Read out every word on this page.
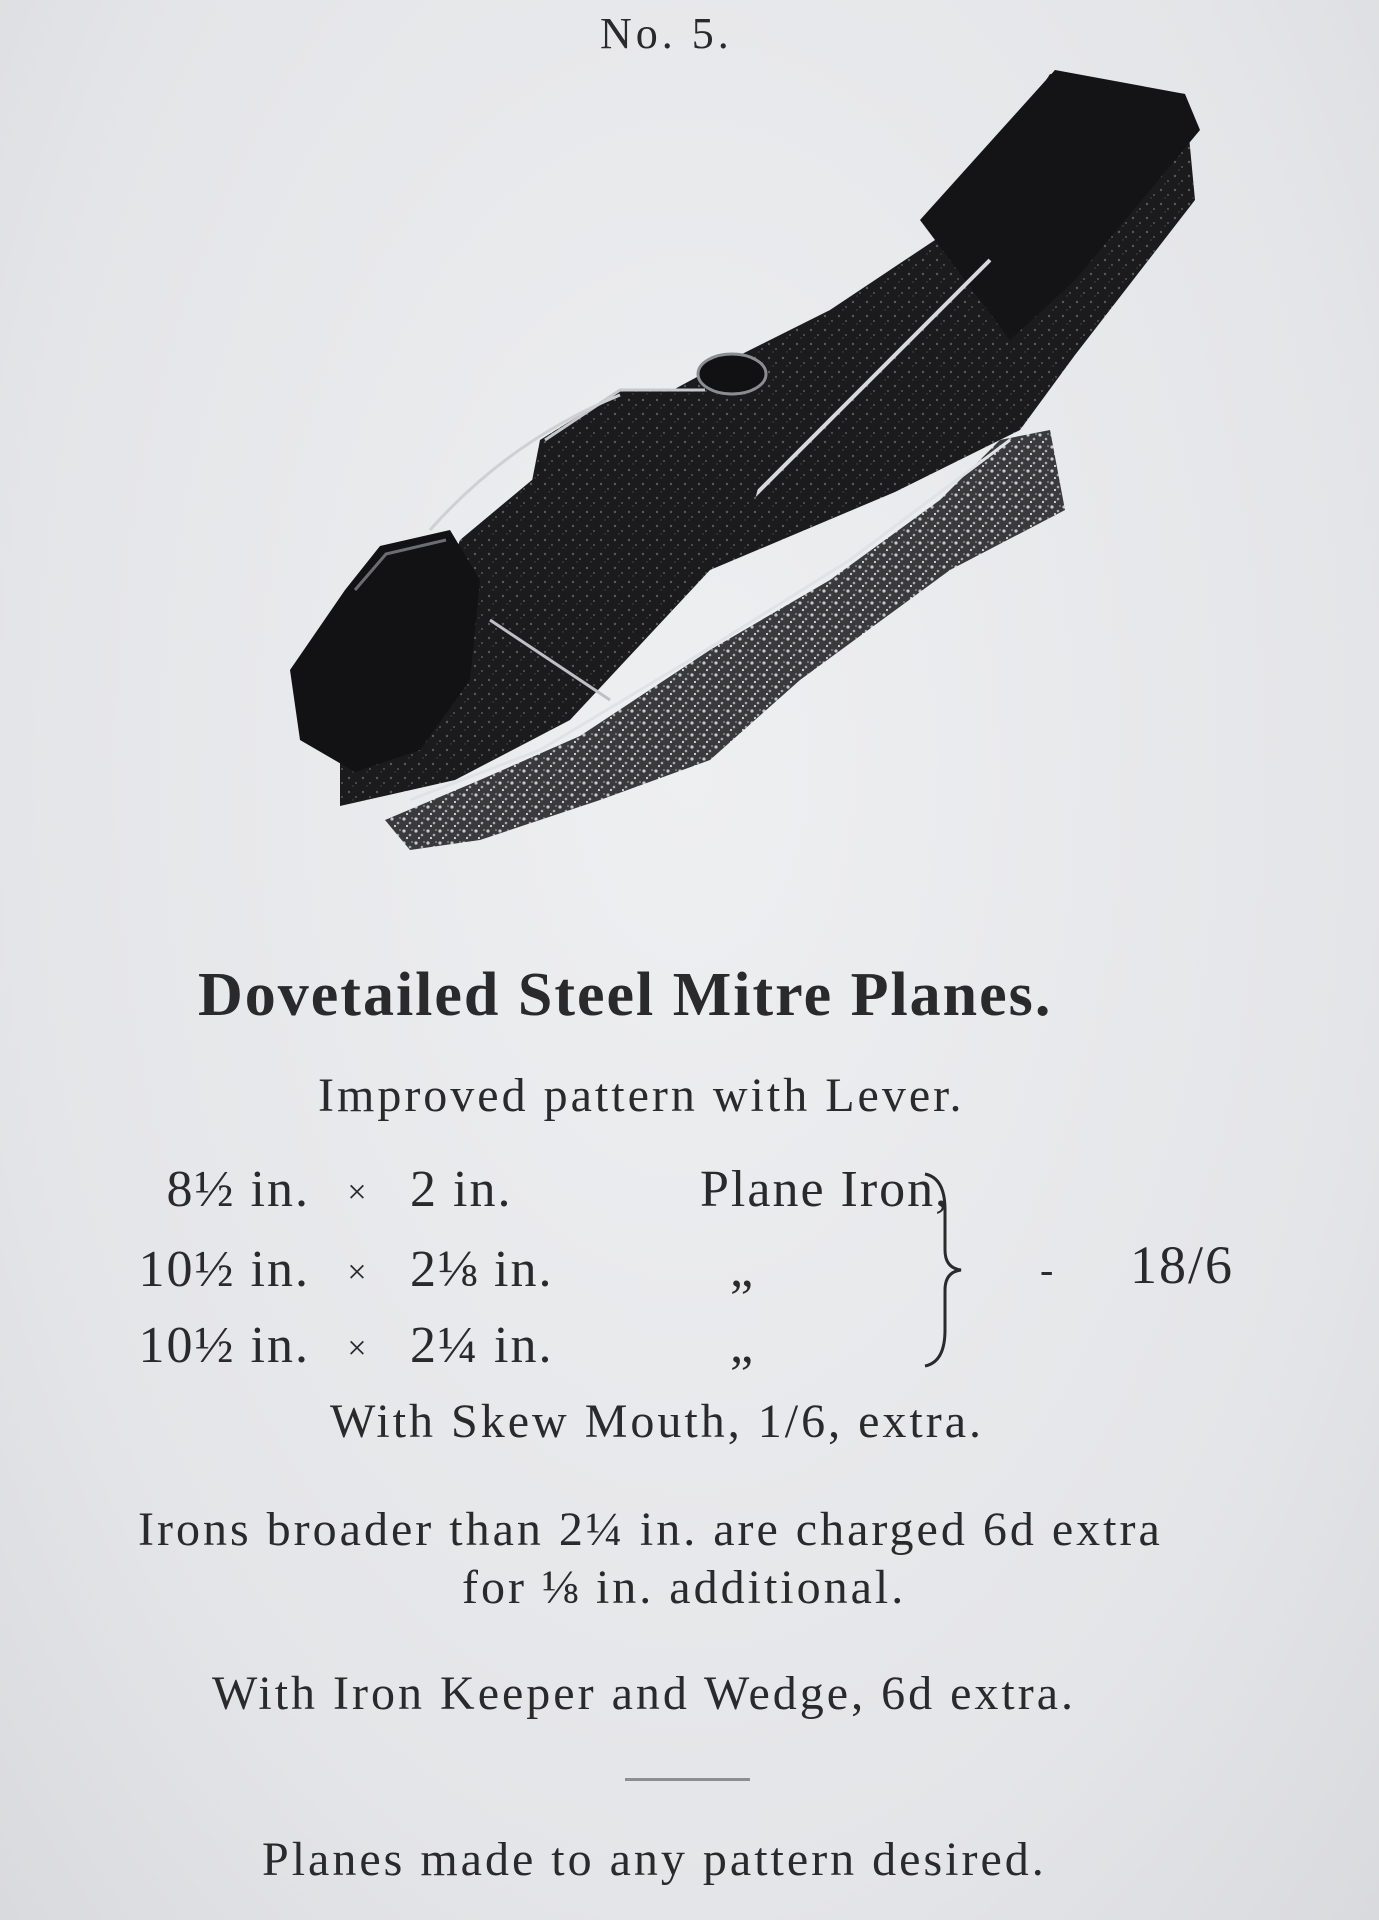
No. 5.
Dovetailed Steel Mitre Planes.
Improved pattern with Lever.
8½ in.	× 2 in.	Plane Iron,
10½ in.	× 2⅛ in.	„
10½ in.	× 2¼ in.	„
- 18/6
With Skew Mouth, 1/6, extra.
Irons broader than 2¼ in. are charged 6d extra
for ⅛ in. additional.
With Iron Keeper and Wedge, 6d extra.
Planes made to any pattern desired.
